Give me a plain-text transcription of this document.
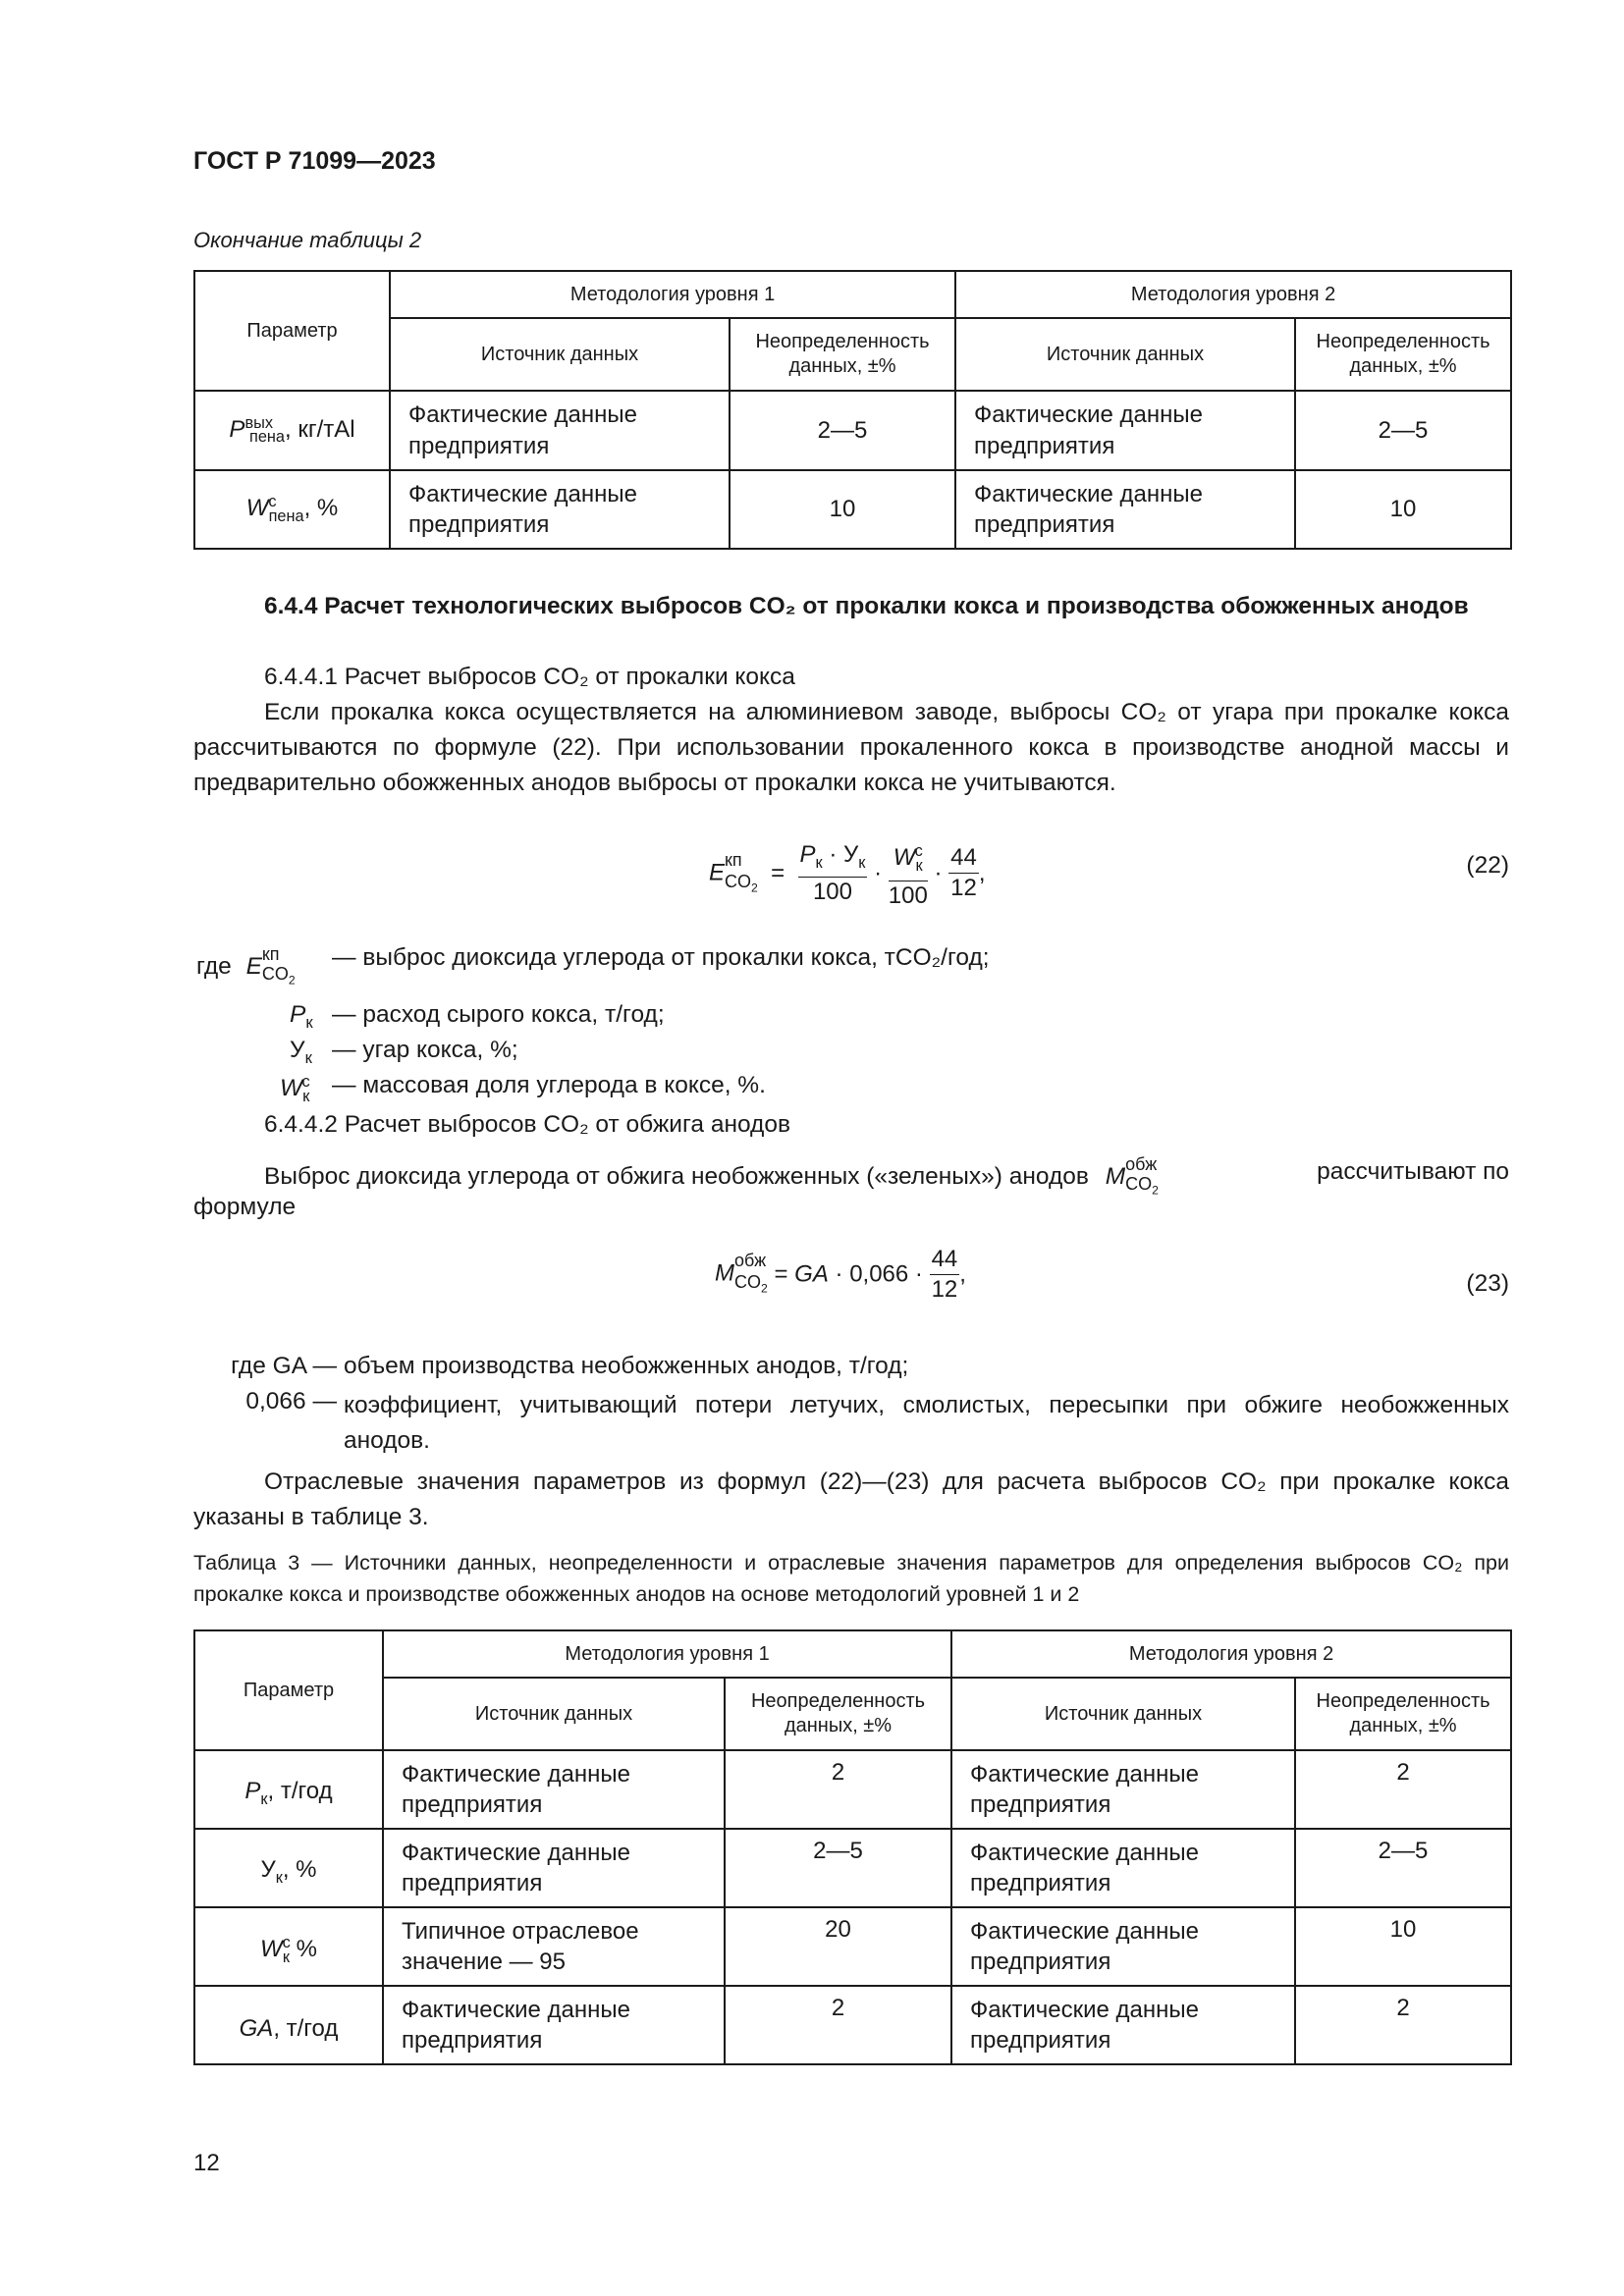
ГОСТ Р 71099—2023
Окончание таблицы 2
Параметр	Методология уровня 1		Методология уровня 2	
	Источник данных	Неопределенность данных, ±%	Источник данных	Неопределенность данных, ±%
$P^{вых}_{пена}$, кг/тAl	Фактические данные предприятия	2—5	Фактические данные предприятия	2—5
$W^c_{пена}$, %	Фактические данные предприятия	10	Фактические данные предприятия	10
6.4.4 Расчет технологических выбросов CO₂ от прокалки кокса и производства обожженных анодов
6.4.4.1 Расчет выбросов CO₂ от прокалки кокса
Если прокалка кокса осуществляется на алюминиевом заводе, выбросы CO₂ от угара при прокалке кокса рассчитываются по формуле (22). При использовании прокаленного кокса в производстве анодной массы и предварительно обожженных анодов выбросы от прокалки кокса не учитываются.
E кп
$CO_2$
=
$P_к \cdot У_к$
100
·
$W_к^с$
100
· $\frac{44}{12}$ ,	(22)
где E кп
$CO_2$
— выброс диоксида углерода от прокалки кокса, тCO₂/год;
$P_к$ — расход сырого кокса, т/год;
$У_к$ — угар кокса, %;
$W_к^с$ — массовая доля углерода в коксе, %.
6.4.4.2 Расчет выбросов CO₂ от обжига анодов
Выброс диоксида углерода от обжига необожженных («зеленых») анодов M обж
$CO_2$
рассчитывают по
формуле
M обж
$CO_2$
= GA · $0,066 \cdot \frac{44}{12}$ ,	(23)
где GA — объем производства необожженных анодов, т/год;
0,066 — коэффициент, учитывающий потери летучих, смолистых, пересыпки при обжиге необожженных анодов.
Отраслевые значения параметров из формул (22)—(23) для расчета выбросов CO₂ при прокалке кокса указаны в таблице 3.
Таблица 3 — Источники данных, неопределенности и отраслевые значения параметров для определения выбросов CO₂ при прокалке кокса и производстве обожженных анодов на основе методологий уровней 1 и 2
Параметр	Методология уровня 1		Методология уровня 2	
	Источник данных	Неопределенность данных, ±%	Источник данных	Неопределенность данных, ±%
$P_к$, т/год	Фактические данные предприятия	2	Фактические данные предприятия	2
$У_к$, %	Фактические данные предприятия	2—5	Фактические данные предприятия	2—5
$W^c_к$ %	Типичное отраслевое значение — 95	20	Фактические данные предприятия	10
GA, т/год	Фактические данные предприятия	2	Фактические данные предприятия	2
12
